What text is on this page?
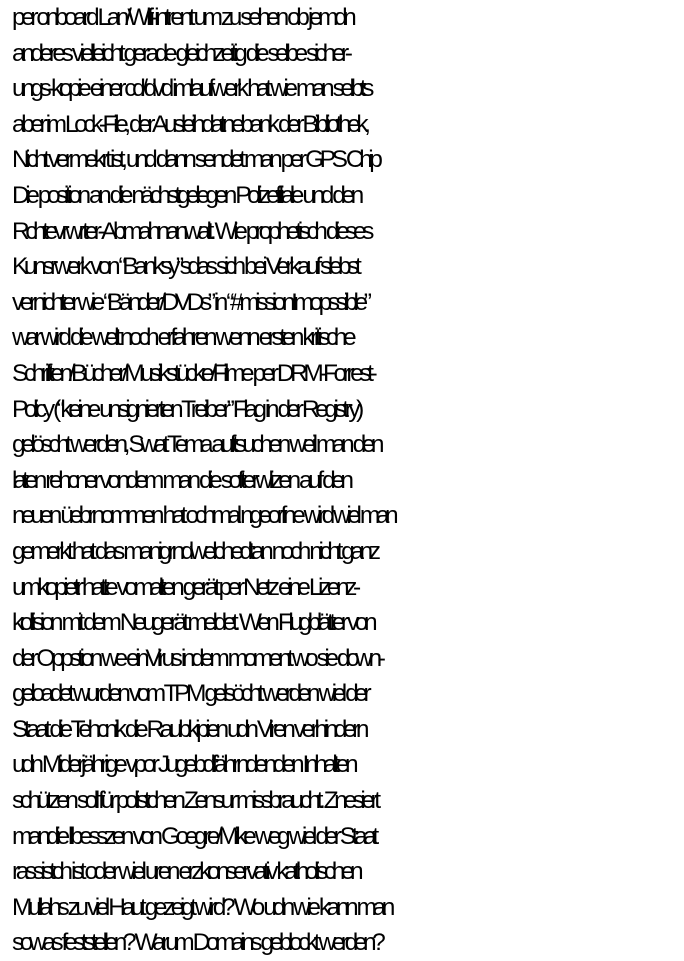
per onboard Lan/Wifi-intrent um zu sehen ob jemdn
anderes vielleicht gerade gleichzeitig die selbe sicher-
ungs-kopie einer cd/dvd imlaufwerk hat wie man selbts
aber im Lock-File, der Ausleihdatnebank der Bibliothek,
Nicht vermekrt ist, und dann sendet man per GPS Chip
Die position an die nächstgelegen Polizefiliale und den
Rchtevrwrter-Abmahnanwalt. Wie prophetisch dieses
Kunsrwerk von “Banksy”sdas sich bei Verkauf slebst
vernichter wie “Bänder/DVDs” in “#missionImopssible”
war wird die welt noch erfahren wenn ersten kritische
Schriften/Bücher/Musikstücke/Filme per DRM-Forrest-
Policy (“keine unsignierten Treiber” Flag in der Registry)
gelöscht werden, Swat Tema auftsuchen weil man den
laten rehcner vondem man die softerwlizen auf den
neuen üebrnommen hat ochmal ngeorfne wird wiel man
gemerkt hat das manigrndwelchedtan noch nicht ganz
umkopietr hatte vomalten gerät per Netz eine Lizenz-
kollision mit dem Neugerät meldet. Wen Flugblätter von
der Oppstion we einVirus indem moment wo sie down-
geloadet wurden vom TPM gelsöcht werden wiel der
Staat die Tehcnik die Raubkipien udn Viren verhindern
udn Miderjährige vpor Jugebdfährndenden Inhalten
schützen soll für polistchen Zensur missbraucht. Znesiert
mandie llbesszen von Goegre/Mike weg wiel der Staat
rassistch ist oder wiel uren erzkonservativ katholischen
Mullahs zu viel Haut gezeigt wird? Wo udn wie kann man
sowas feststellen? Warum Domains geblockt werden?
